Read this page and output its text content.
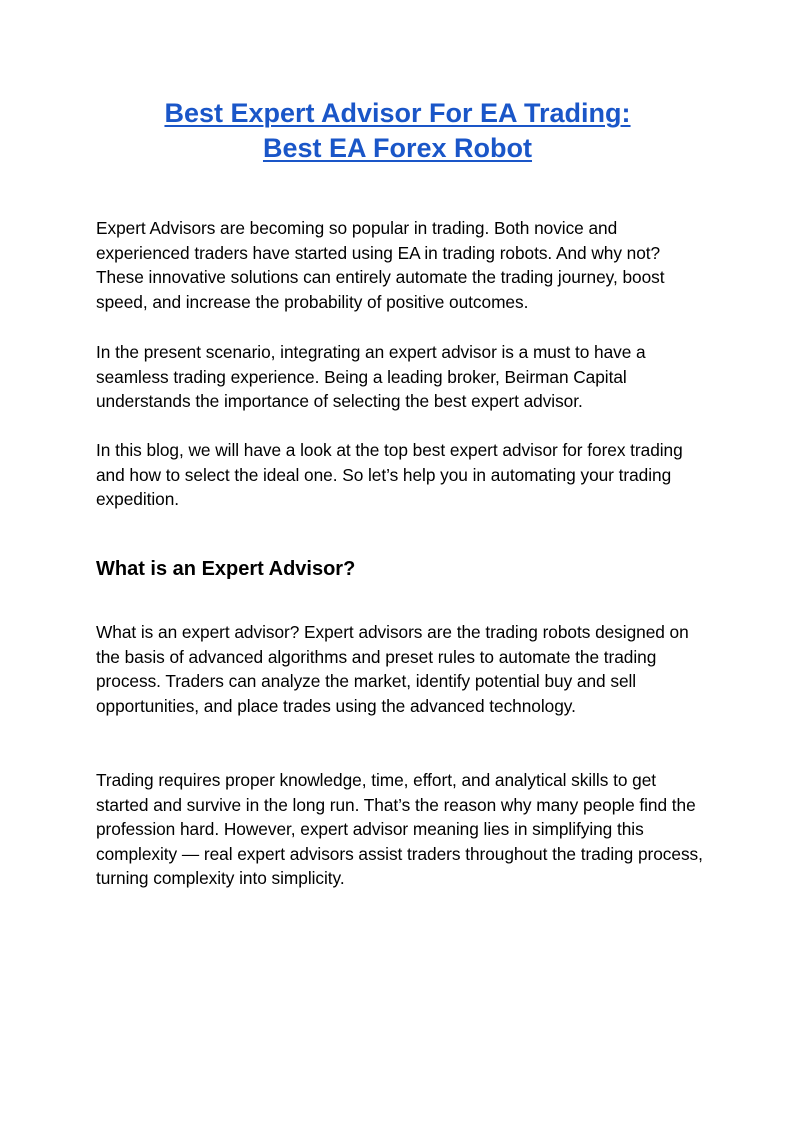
Best Expert Advisor For EA Trading:
Best EA Forex Robot

Expert Advisors are becoming so popular in trading. Both novice and experienced traders have started using EA in trading robots. And why not? These innovative solutions can entirely automate the trading journey, boost speed, and increase the probability of positive outcomes.

In the present scenario, integrating an expert advisor is a must to have a seamless trading experience. Being a leading broker, Beirman Capital understands the importance of selecting the best expert advisor.

In this blog, we will have a look at the top best expert advisor for forex trading and how to select the ideal one. So let’s help you in automating your trading expedition.

What is an Expert Advisor?

What is an expert advisor? Expert advisors are the trading robots designed on the basis of advanced algorithms and preset rules to automate the trading process. Traders can analyze the market, identify potential buy and sell opportunities, and place trades using the advanced technology.

Trading requires proper knowledge, time, effort, and analytical skills to get started and survive in the long run. That’s the reason why many people find the profession hard. However, expert advisor meaning lies in simplifying this complexity — real expert advisors assist traders throughout the trading process, turning complexity into simplicity.
